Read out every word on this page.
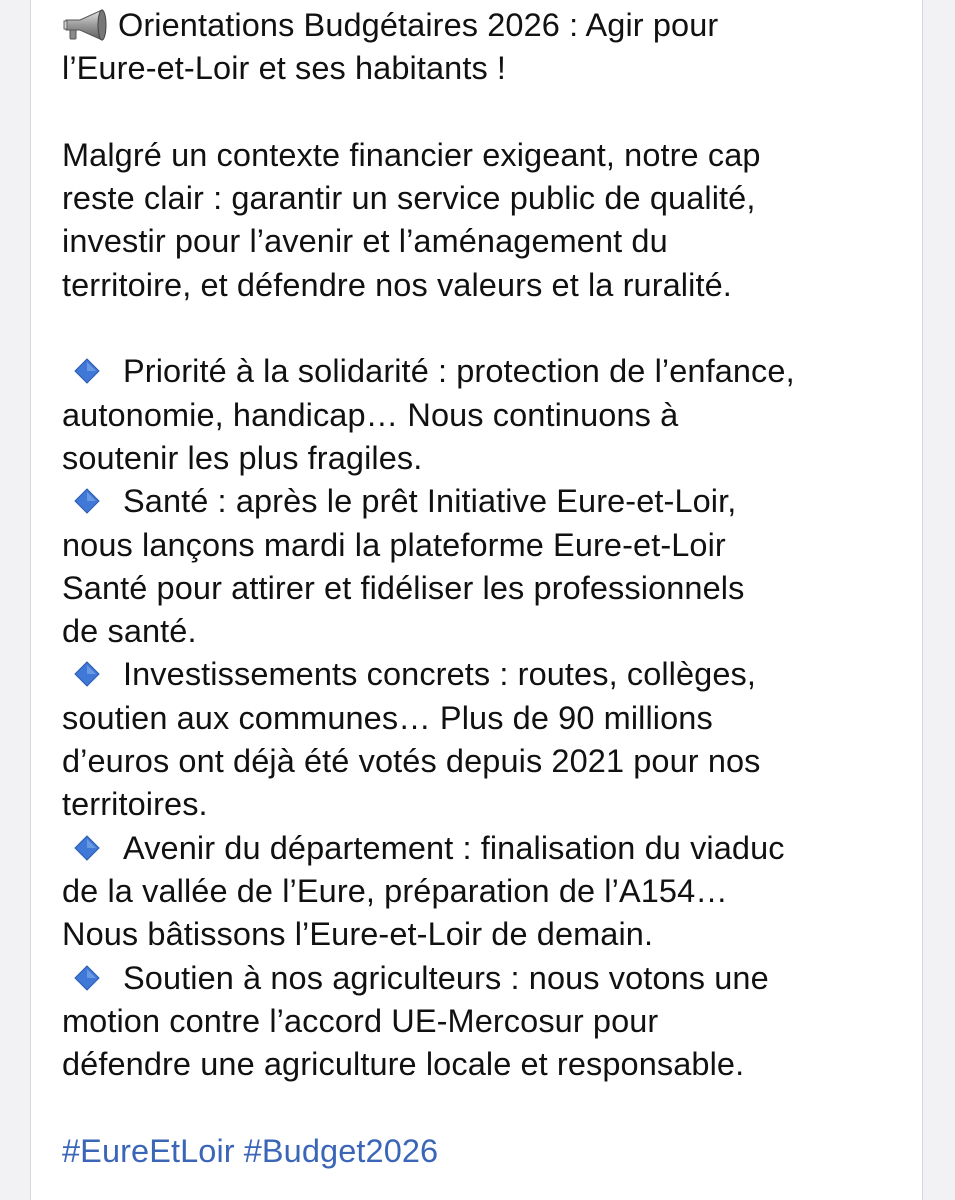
Orientations Budgétaires 2026 : Agir pour
l’Eure-et-Loir et ses habitants !
Malgré un contexte financier exigeant, notre cap
reste clair : garantir un service public de qualité,
investir pour l’avenir et l’aménagement du
territoire, et défendre nos valeurs et la ruralité.
Priorité à la solidarité : protection de l’enfance,
autonomie, handicap… Nous continuons à
soutenir les plus fragiles.
Santé : après le prêt Initiative Eure-et-Loir,
nous lançons mardi la plateforme Eure-et-Loir
Santé pour attirer et fidéliser les professionnels
de santé.
Investissements concrets : routes, collèges,
soutien aux communes… Plus de 90 millions
d’euros ont déjà été votés depuis 2021 pour nos
territoires.
Avenir du département : finalisation du viaduc
de la vallée de l’Eure, préparation de l’A154…
Nous bâtissons l’Eure-et-Loir de demain.
Soutien à nos agriculteurs : nous votons une
motion contre l’accord UE-Mercosur pour
défendre une agriculture locale et responsable.
#EureEtLoir #Budget2026
